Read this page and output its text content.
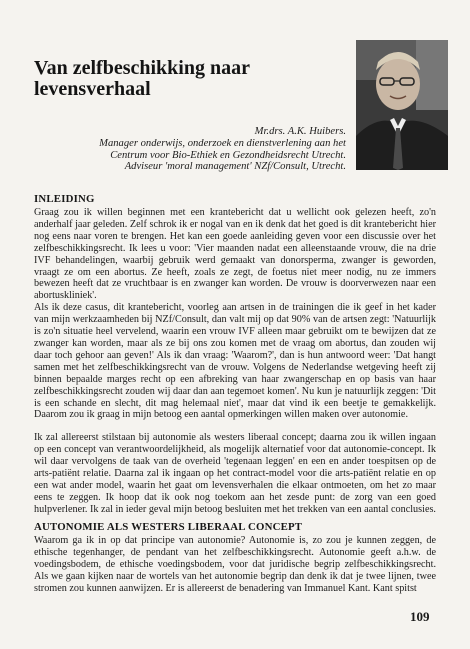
Van zelfbeschikking naar levensverhaal
Mr.drs. A.K. Huibers.
Manager onderwijs, onderzoek en dienstverlening aan het
Centrum voor Bio-Ethiek en Gezondheidsrecht Utrecht.
Adviseur 'moral management' NZf/Consult, Utrecht.
INLEIDING

Graag zou ik willen beginnen met een krantebericht dat u wellicht ook gelezen heeft, zo'n anderhalf jaar geleden. Zelf schrok ik er nogal van en ik denk dat het goed is dit krantebericht hier nog eens naar voren te brengen. Het kan een goede aanleiding geven voor een discussie over het zelfbeschikkingsrecht. Ik lees u voor: 'Vier maanden nadat een alleenstaande vrouw, die na drie IVF behandelingen, waarbij gebruik werd gemaakt van donorsperma, zwanger is geworden, vraagt ze om een abortus. Ze heeft, zoals ze zegt, de foetus niet meer nodig, nu ze immers bewezen heeft dat ze vruchtbaar is en zwanger kan worden. De vrouw is doorverwezen naar een abortuskliniek'.

Als ik deze casus, dit krantebericht, voorleg aan artsen in de trainingen die ik geef in het kader van mijn werkzaamheden bij NZf/Consult, dan valt mij op dat 90% van de artsen zegt: 'Natuurlijk is zo'n situatie heel vervelend, waarin een vrouw IVF alleen maar gebruikt om te bewijzen dat ze zwanger kan worden, maar als ze bij ons zou komen met de vraag om abortus, dan zouden wij daar toch gehoor aan geven!' Als ik dan vraag: 'Waarom?', dan is hun antwoord weer: 'Dat hangt samen met het zelfbeschikkingsrecht van de vrouw. Volgens de Nederlandse wetgeving heeft zij binnen bepaalde marges recht op een afbreking van haar zwangerschap en op basis van haar zelfbeschikkingsrecht zouden wij daar dan aan tegemoet komen'. Nu kun je natuurlijk zeggen: 'Dit is een schande en slecht, dit mag helemaal niet', maar dat vind ik een beetje te gemakkelijk. Daarom zou ik graag in mijn betoog een aantal opmerkingen willen maken over autonomie.

Ik zal allereerst stilstaan bij autonomie als westers liberaal concept; daarna zou ik willen ingaan op een concept van verantwoordelijkheid, als mogelijk alternatief voor dat autonomie-concept. Ik wil daar vervolgens de taak van de overheid 'tegenaan leggen' en een en ander toespitsen op de arts-patiënt relatie. Daarna zal ik ingaan op het contract-model voor die arts-patiënt relatie en op een wat ander model, waarin het gaat om levensverhalen die elkaar ontmoeten, om het zo maar eens te zeggen. Ik hoop dat ik ook nog toekom aan het zesde punt: de zorg van een goed hulpverlener. Ik zal in ieder geval mijn betoog besluiten met het trekken van een aantal conclusies.

AUTONOMIE ALS WESTERS LIBERAAL CONCEPT

Waarom ga ik in op dat principe van autonomie? Autonomie is, zo zou je kunnen zeggen, de ethische tegenhanger, de pendant van het zelfbeschikkingsrecht. Autonomie geeft a.h.w. de voedingsbodem, de ethische voedingsbodem, voor dat juridische begrip zelfbeschikkingsrecht. Als we gaan kijken naar de wortels van het autonomie begrip dan denk ik dat je twee lijnen, twee stromen zou kunnen aanwijzen. Er is allereerst de benadering van Immanuel Kant. Kant spitst

109
